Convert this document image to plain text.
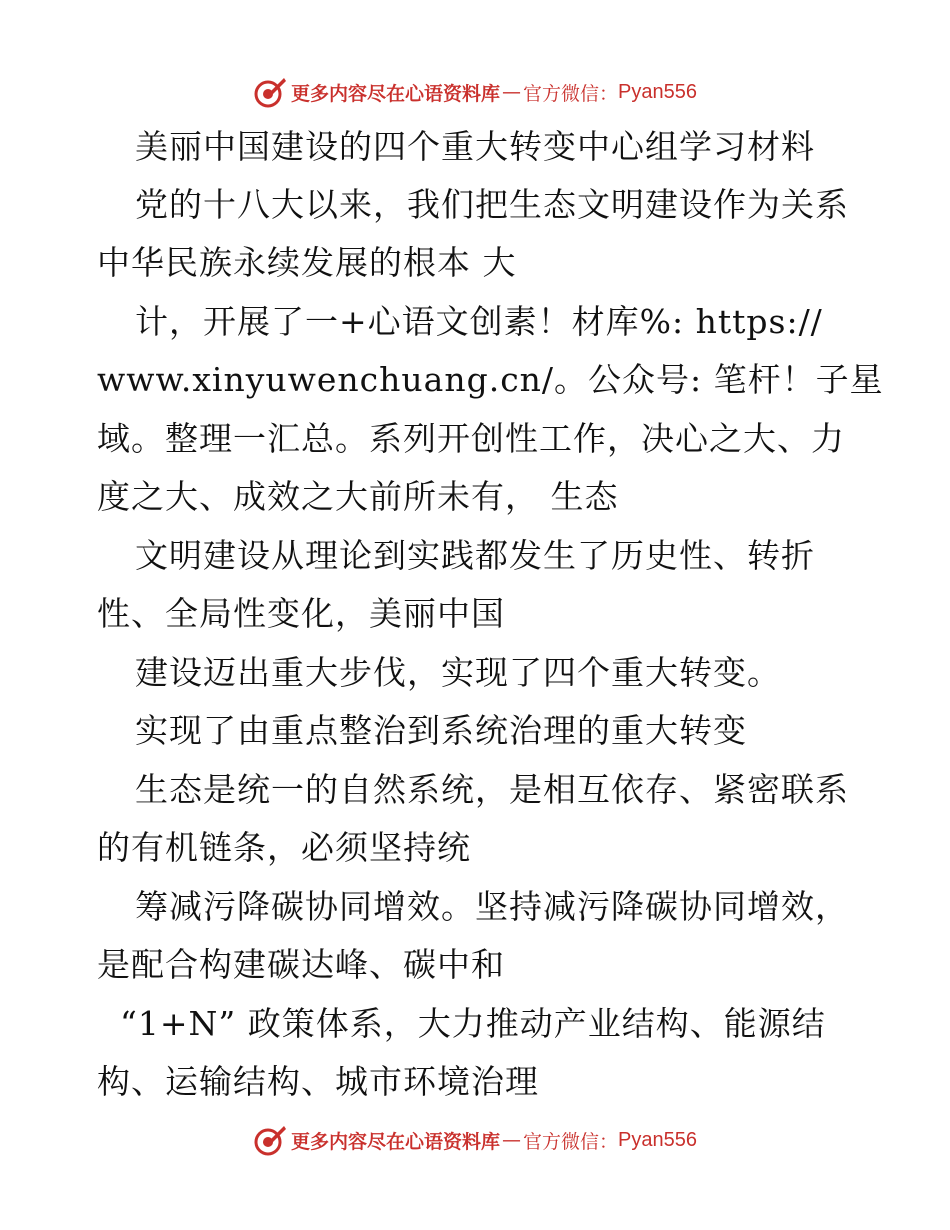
更多内容尽在心语资料库 — 官方微信： Pyan556
美丽中国建设的四个重大转变中心组学习材料
党的十八大以来，我们把生态文明建设作为关系
中华民族永续发展的根本 大
计，开展了一+心语文创素！材库%: https://
www.xinyuwenchuang.cn/。公众号: 笔杆！子星
域。整理一汇总。系列开创性工作，决心之大、力
度之大、成效之大前所未有， 生态
文明建设从理论到实践都发生了历史性、转折
性、全局性变化，美丽中国
建设迈出重大步伐，实现了四个重大转变。
实现了由重点整治到系统治理的重大转变
生态是统一的自然系统，是相互依存、紧密联系
的有机链条，必须坚持统
筹减污降碳协同增效。坚持减污降碳协同增效，
是配合构建碳达峰、碳中和
“1+N” 政策体系，大力推动产业结构、能源结
构、运输结构、城市环境治理
更多内容尽在心语资料库 — 官方微信： Pyan556
